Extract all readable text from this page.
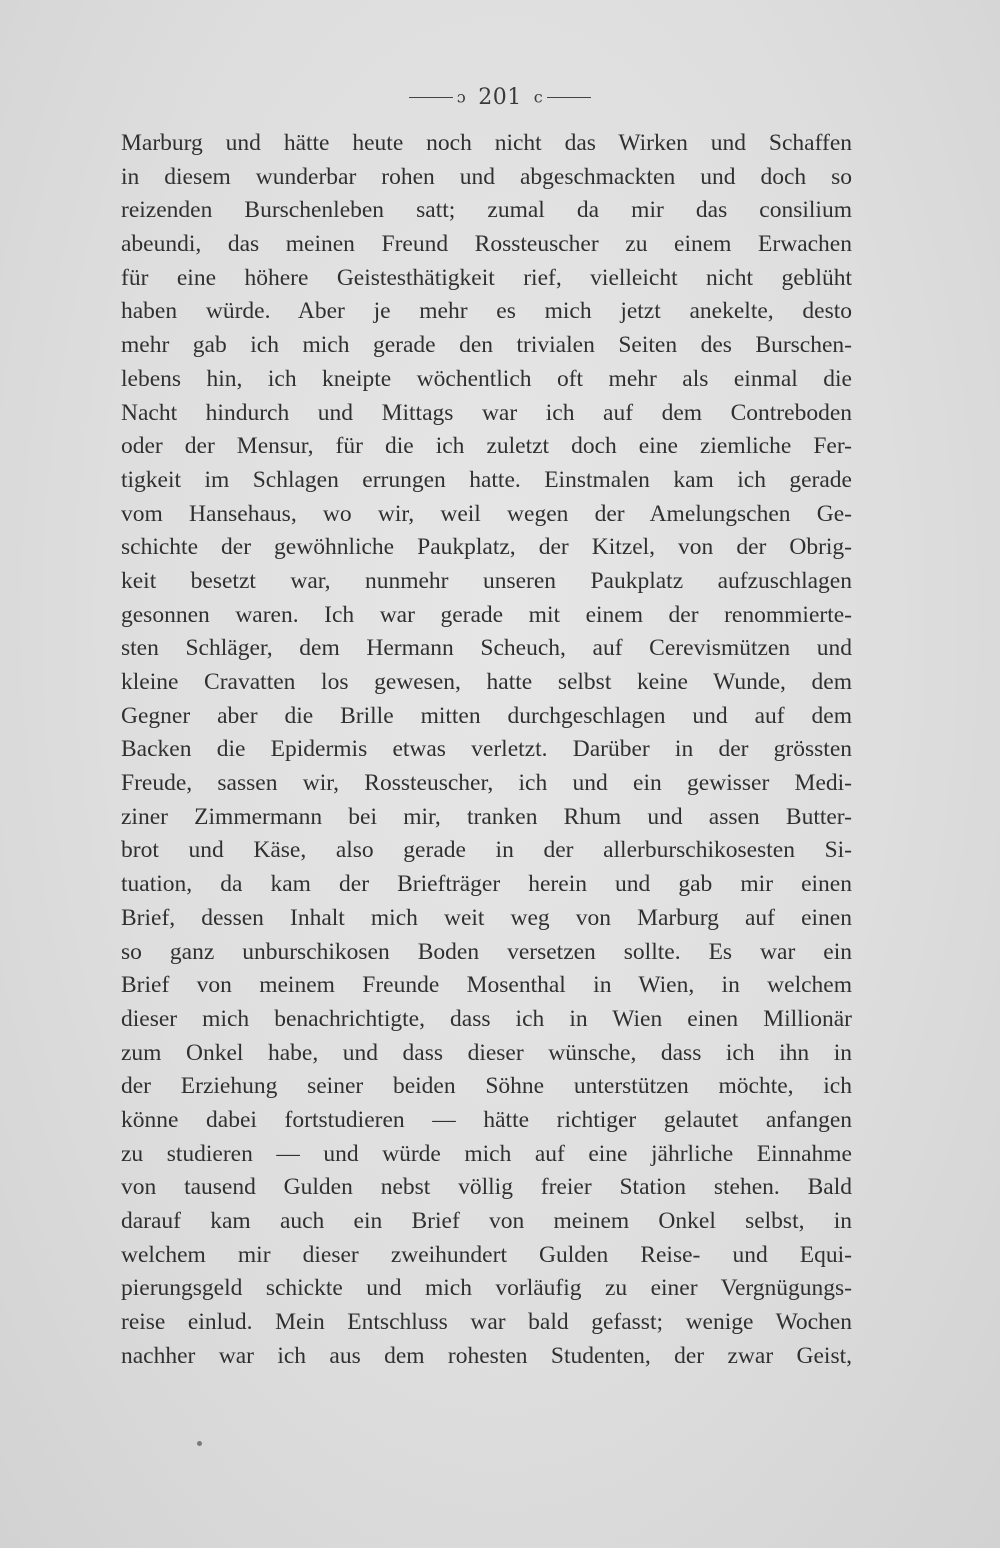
ɔ 201 c
Marburg und hätte heute noch nicht das Wirken und Schaffen
in diesem wunderbar rohen und abgeschmackten und doch so
reizenden Burschenleben satt; zumal da mir das consilium
abeundi, das meinen Freund Rossteuscher zu einem Erwachen
für eine höhere Geistesthätigkeit rief, vielleicht nicht geblüht
haben würde. Aber je mehr es mich jetzt anekelte, desto
mehr gab ich mich gerade den trivialen Seiten des Burschen-
lebens hin, ich kneipte wöchentlich oft mehr als einmal die
Nacht hindurch und Mittags war ich auf dem Contreboden
oder der Mensur, für die ich zuletzt doch eine ziemliche Fer-
tigkeit im Schlagen errungen hatte. Einstmalen kam ich gerade
vom Hansehaus, wo wir, weil wegen der Amelungschen Ge-
schichte der gewöhnliche Paukplatz, der Kitzel, von der Obrig-
keit besetzt war, nunmehr unseren Paukplatz aufzuschlagen
gesonnen waren. Ich war gerade mit einem der renommierte-
sten Schläger, dem Hermann Scheuch, auf Cerevismützen und
kleine Cravatten los gewesen, hatte selbst keine Wunde, dem
Gegner aber die Brille mitten durchgeschlagen und auf dem
Backen die Epidermis etwas verletzt. Darüber in der grössten
Freude, sassen wir, Rossteuscher, ich und ein gewisser Medi-
ziner Zimmermann bei mir, tranken Rhum und assen Butter-
brot und Käse, also gerade in der allerburschikosesten Si-
tuation, da kam der Briefträger herein und gab mir einen
Brief, dessen Inhalt mich weit weg von Marburg auf einen
so ganz unburschikosen Boden versetzen sollte. Es war ein
Brief von meinem Freunde Mosenthal in Wien, in welchem
dieser mich benachrichtigte, dass ich in Wien einen Millionär
zum Onkel habe, und dass dieser wünsche, dass ich ihn in
der Erziehung seiner beiden Söhne unterstützen möchte, ich
könne dabei fortstudieren — hätte richtiger gelautet anfangen
zu studieren — und würde mich auf eine jährliche Einnahme
von tausend Gulden nebst völlig freier Station stehen. Bald
darauf kam auch ein Brief von meinem Onkel selbst, in
welchem mir dieser zweihundert Gulden Reise- und Equi-
pierungsgeld schickte und mich vorläufig zu einer Vergnügungs-
reise einlud. Mein Entschluss war bald gefasst; wenige Wochen
nachher war ich aus dem rohesten Studenten, der zwar Geist,
